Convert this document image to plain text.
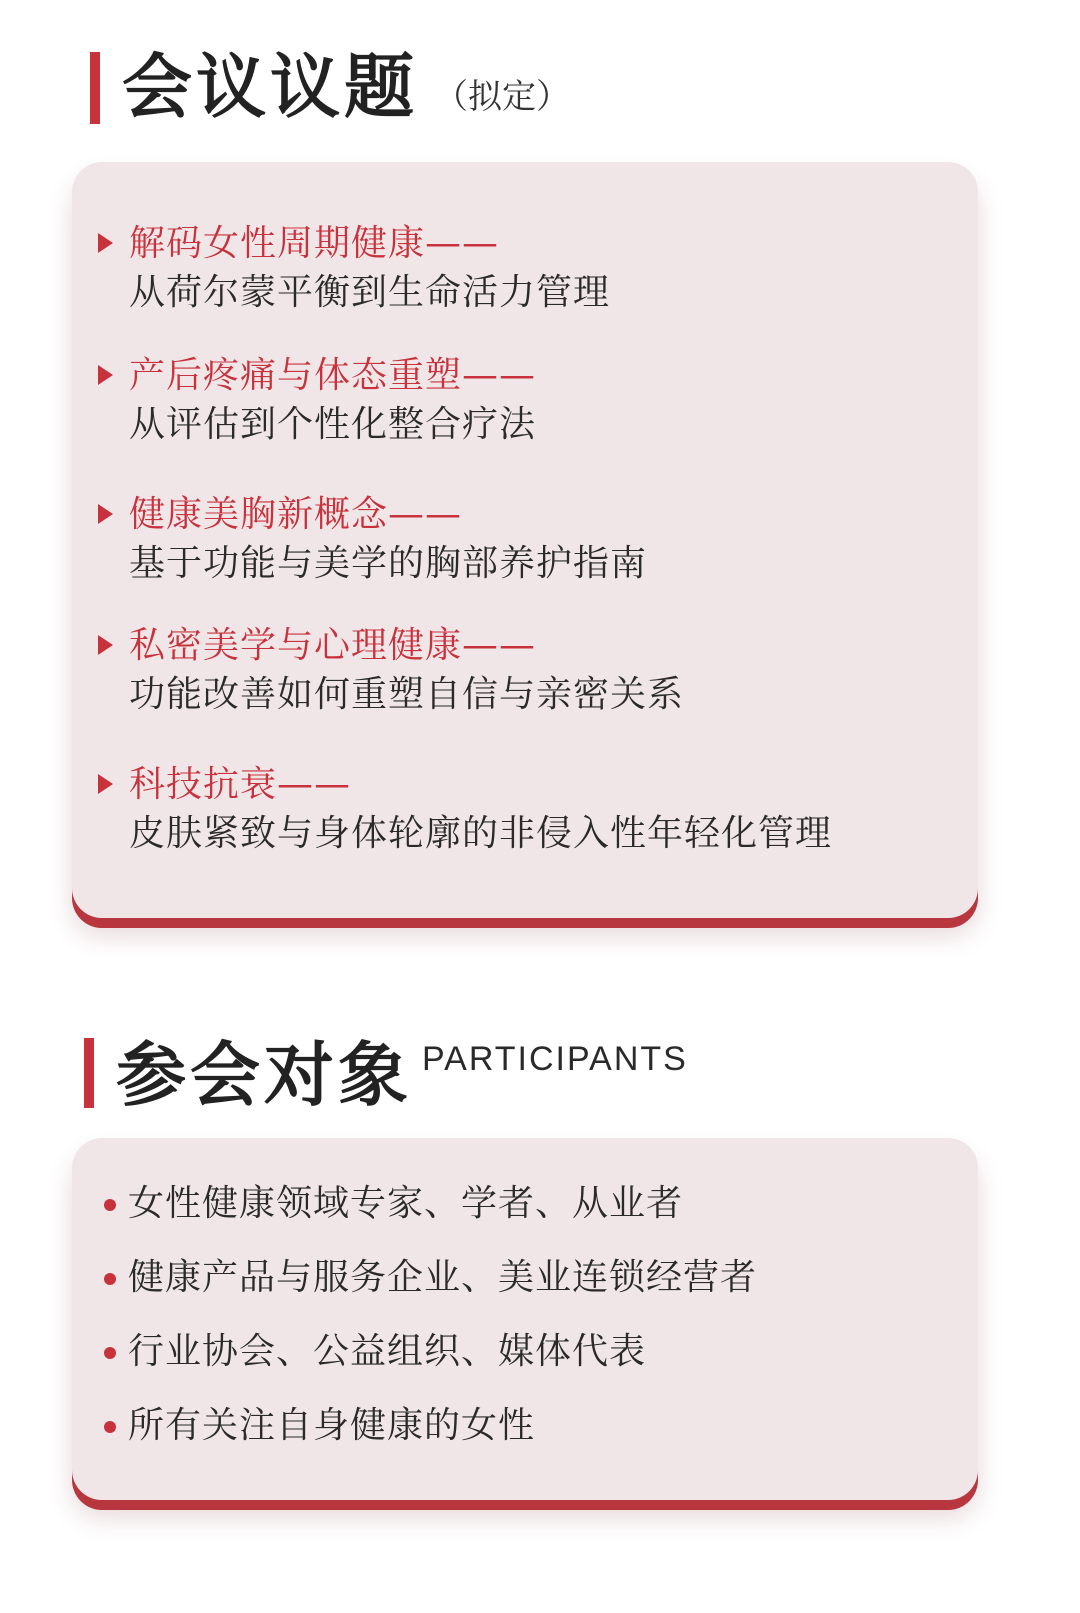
会议议题 （拟定）
解码女性周期健康——
从荷尔蒙平衡到生命活力管理
产后疼痛与体态重塑——
从评估到个性化整合疗法
健康美胸新概念——
基于功能与美学的胸部养护指南
私密美学与心理健康——
功能改善如何重塑自信与亲密关系
科技抗衰——
皮肤紧致与身体轮廓的非侵入性年轻化管理
参会对象 PARTICIPANTS
女性健康领域专家、学者、从业者
健康产品与服务企业、美业连锁经营者
行业协会、公益组织、媒体代表
所有关注自身健康的女性
